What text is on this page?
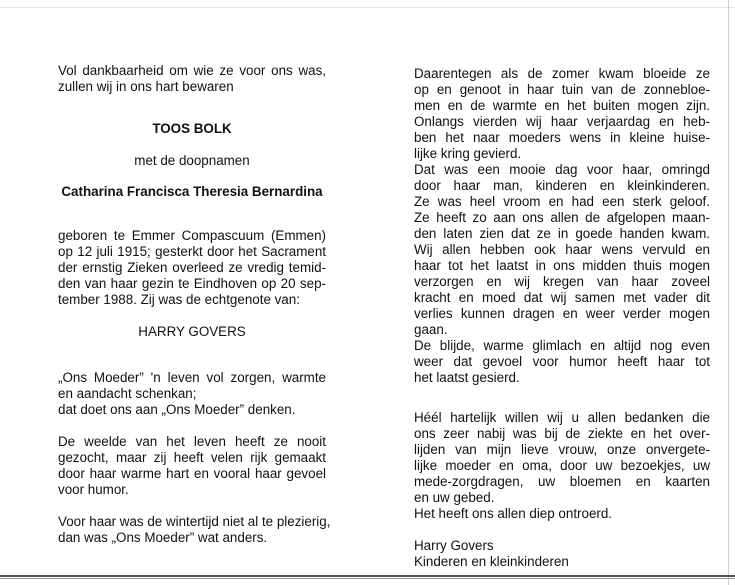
Vol dankbaarheid om wie ze voor ons was,
zullen wij in ons hart bewaren
TOOS BOLK
met de doopnamen
Catharina Francisca Theresia Bernardina
geboren te Emmer Compascuum (Emmen)
op 12 juli 1915; gesterkt door het Sacrament
der ernstig Zieken overleed ze vredig temid-
den van haar gezin te Eindhoven op 20 sep-
tember 1988. Zij was de echtgenote van:
HARRY GOVERS
„Ons Moeder” 'n leven vol zorgen, warmte
en aandacht schenkan;
dat doet ons aan „Ons Moeder” denken.
De weelde van het leven heeft ze nooit
gezocht, maar zij heeft velen rijk gemaakt
door haar warme hart en vooral haar gevoel
voor humor.
Voor haar was de wintertijd niet al te plezierig,
dan was „Ons Moeder” wat anders.
Daarentegen als de zomer kwam bloeide ze
op en genoot in haar tuin van de zonnebloe-
men en de warmte en het buiten mogen zijn.
Onlangs vierden wij haar verjaardag en heb-
ben het naar moeders wens in kleine huise-
lijke kring gevierd.
Dat was een mooie dag voor haar, omringd
door haar man, kinderen en kleinkinderen.
Ze was heel vroom en had een sterk geloof.
Ze heeft zo aan ons allen de afgelopen maan-
den laten zien dat ze in goede handen kwam.
Wij allen hebben ook haar wens vervuld en
haar tot het laatst in ons midden thuis mogen
verzorgen en wij kregen van haar zoveel
kracht en moed dat wij samen met vader dit
verlies kunnen dragen en weer verder mogen
gaan.
De blijde, warme glimlach en altijd nog even
weer dat gevoel voor humor heeft haar tot
het laatst gesierd.
Héél hartelijk willen wij u allen bedanken die
ons zeer nabij was bij de ziekte en het over-
lijden van mijn lieve vrouw, onze onvergete-
lijke moeder en oma, door uw bezoekjes, uw
mede-zorgdragen, uw bloemen en kaarten
en uw gebed.
Het heeft ons allen diep ontroerd.
Harry Govers
Kinderen en kleinkinderen
